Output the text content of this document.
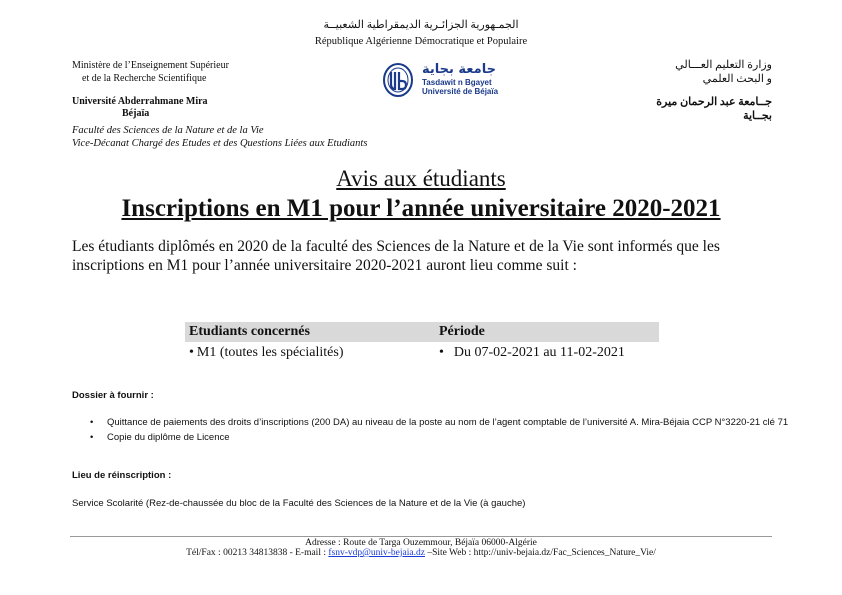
الجمـهورية الجزائـرية الديمقراطية الشعبيــة
République Algérienne Démocratique et Populaire
Ministère de l’Enseignement Supérieur
et de la Recherche Scientifique
Université Abderrahmane Mira
Béjaïa
Faculté des Sciences de la Nature et de la Vie
Vice-Décanat Chargé des Etudes et des Questions Liées aux Etudiants
وزارة التعليم العـــالي
و البحث العلمي
جــامعة عبد الرحمان ميرة
بجــاية
جامعة بجاية
Tasdawit n Bgayet
Université de Béjaïa
Avis aux étudiants
Inscriptions en M1 pour l’année universitaire 2020-2021
Les étudiants diplômés en 2020 de la faculté des Sciences de la Nature et de la Vie sont informés que les inscriptions en M1 pour l’année universitaire 2020-2021 auront lieu comme suit :
Etudiants concernés	Période
• M1 (toutes les spécialités)	•  Du 07-02-2021 au 11-02-2021
Dossier à fournir :
• Quittance de paiements des droits d’inscriptions (200 DA) au niveau de la poste au nom de l’agent comptable de l’université A. Mira-Béjaia CCP N°3220-21 clé 71
• Copie du diplôme de Licence
Lieu de réinscription :
Service Scolarité (Rez-de-chaussée du bloc de la Faculté des Sciences de la Nature et de la Vie (à gauche)
Adresse : Route de Targa Ouzemmour, Béjaïa 06000-Algérie
Tél/Fax : 00213 34813838 - E-mail : fsnv-vdp@univ-bejaia.dz –Site Web : http://univ-bejaia.dz/Fac_Sciences_Nature_Vie/
